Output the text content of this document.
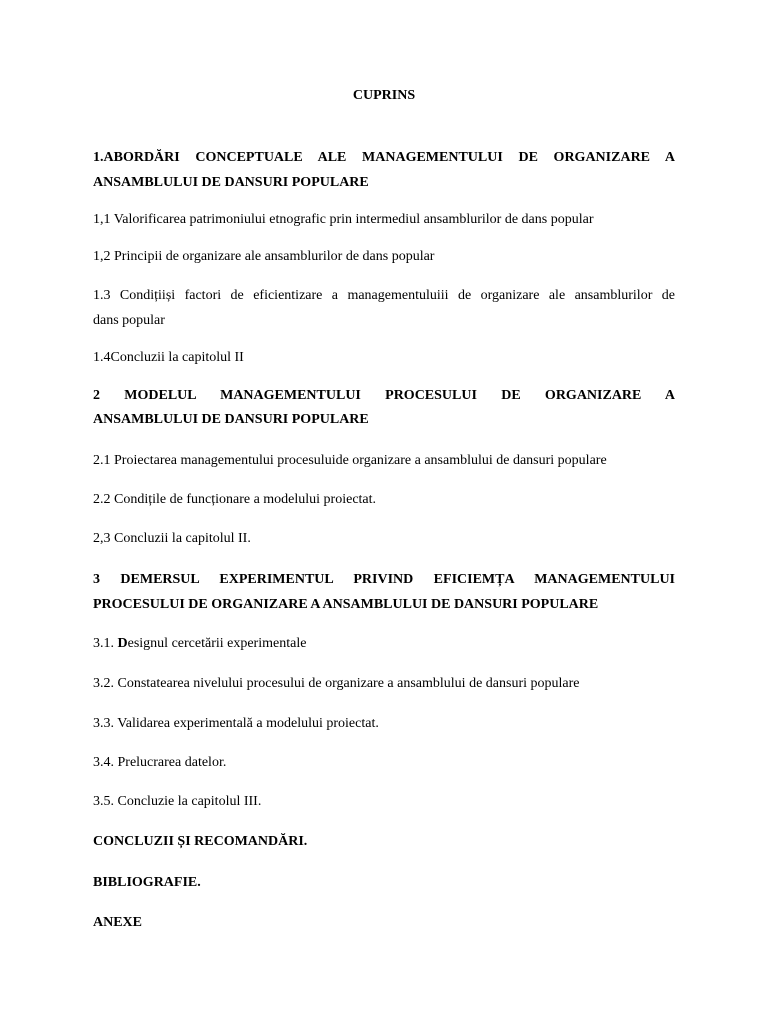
CUPRINS
1.ABORDĂRI CONCEPTUALE ALE MANAGEMENTULUI DE ORGANIZARE A
ANSAMBLULUI DE DANSURI POPULARE
1,1 Valorificarea patrimoniului etnografic prin intermediul ansamblurilor de dans popular
1,2 Principii de organizare ale ansamblurilor de dans popular
1.3 Condițiiși factori de eficientizare a managementuluiii de organizare ale ansamblurilor de
dans popular
1.4Concluzii la capitolul II
2 MODELUL MANAGEMENTULUI PROCESULUI DE ORGANIZARE A
ANSAMBLULUI DE DANSURI POPULARE
2.1 Proiectarea managementului procesuluide organizare a ansamblului de dansuri populare
2.2 Condițile de funcționare a modelului proiectat.
2,3 Concluzii la capitolul II.
3 DEMERSUL EXPERIMENTUL PRIVIND EFICIEMȚA MANAGEMENTULUI
PROCESULUI DE ORGANIZARE A ANSAMBLULUI DE DANSURI POPULARE
3.1. Designul cercetării experimentale
3.2. Constatearea nivelului procesului de organizare a ansamblului de dansuri populare
3.3. Validarea experimentală a modelului proiectat.
3.4. Prelucrarea datelor.
3.5. Concluzie la capitolul III.
CONCLUZII ȘI RECOMANDĂRI.
BIBLIOGRAFIE.
ANEXE
